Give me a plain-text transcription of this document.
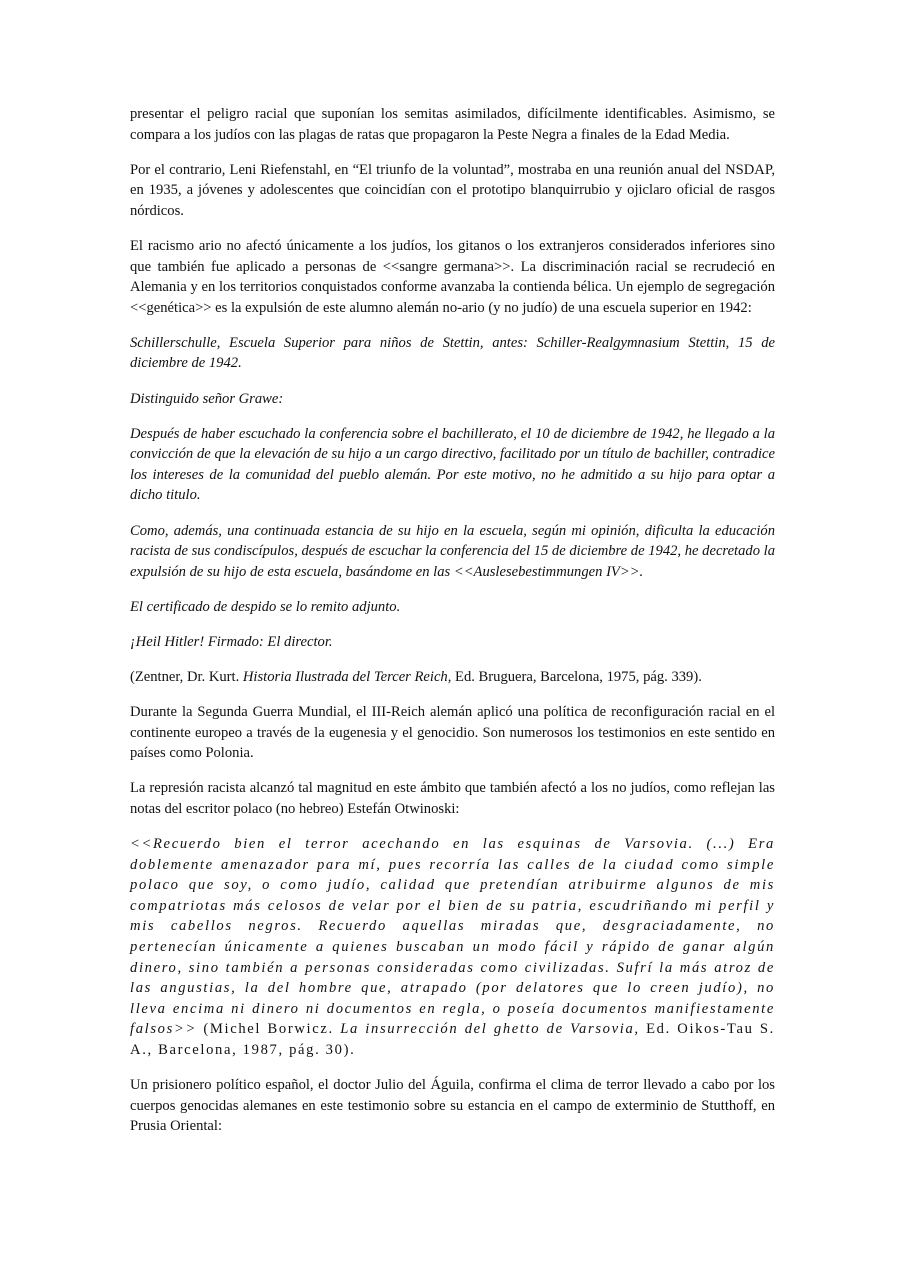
presentar el peligro racial que suponían los semitas asimilados, difícilmente identificables. Asimismo, se compara a los judíos con las plagas de ratas que propagaron la Peste Negra a finales de la Edad Media.

Por el contrario, Leni Riefenstahl, en “El triunfo de la voluntad”, mostraba en una reunión anual del NSDAP, en 1935, a jóvenes y adolescentes que coincidían con el prototipo blanquirrubio y ojiclaro oficial de rasgos nórdicos.

El racismo ario no afectó únicamente a los judíos, los gitanos o los extranjeros considerados inferiores sino que también fue aplicado a personas de <<sangre germana>>. La discriminación racial se recrudeció en Alemania y en los territorios conquistados conforme avanzaba la contienda bélica. Un ejemplo de segregación <<genética>> es la expulsión de este alumno alemán no-ario (y no judío) de una escuela superior en 1942:

Schillerschulle, Escuela Superior para niños de Stettin, antes: Schiller-Realgymnasium Stettin, 15 de diciembre de 1942.

Distinguido señor Grawe:

Después de haber escuchado la conferencia sobre el bachillerato, el 10 de diciembre de 1942, he llegado a la convicción de que la elevación de su hijo a un cargo directivo, facilitado por un título de bachiller, contradice los intereses de la comunidad del pueblo alemán. Por este motivo, no he admitido a su hijo para optar a dicho titulo.

Como, además, una continuada estancia de su hijo en la escuela, según mi opinión, dificulta la educación racista de sus condiscípulos, después de escuchar la conferencia del 15 de diciembre de 1942, he decretado la expulsión de su hijo de esta escuela, basándome en las <<Auslesebestimmungen IV>>.

El certificado de despido se lo remito adjunto.

¡Heil Hitler! Firmado: El director.

(Zentner, Dr. Kurt. Historia Ilustrada del Tercer Reich, Ed. Bruguera, Barcelona, 1975, pág. 339).

Durante la Segunda Guerra Mundial, el III-Reich alemán aplicó una política de reconfiguración racial en el continente europeo a través de la eugenesia y el genocidio. Son numerosos los testimonios en este sentido en países como Polonia.

La represión racista alcanzó tal magnitud en este ámbito que también afectó a los no judíos, como reflejan las notas del escritor polaco (no hebreo) Estefán Otwinoski:

<<Recuerdo bien el terror acechando en las esquinas de Varsovia. (...) Era doblemente amenazador para mí, pues recorría las calles de la ciudad como simple polaco que soy, o como judío, calidad que pretendían atribuirme algunos de mis compatriotas más celosos de velar por el bien de su patria, escudriñando mi perfil y mis cabellos negros. Recuerdo aquellas miradas que, desgraciadamente, no pertenecían únicamente a quienes buscaban un modo fácil y rápido de ganar algún dinero, sino también a personas consideradas como civilizadas. Sufrí la más atroz de las angustias, la del hombre que, atrapado (por delatores que lo creen judío), no lleva encima ni dinero ni documentos en regla, o poseía documentos manifiestamente falsos>> (Michel Borwicz. La insurrección del ghetto de Varsovia, Ed. Oikos-Tau S. A., Barcelona, 1987, pág. 30).

Un prisionero político español, el doctor Julio del Águila, confirma el clima de terror llevado a cabo por los cuerpos genocidas alemanes en este testimonio sobre su estancia en el campo de exterminio de Stutthoff, en Prusia Oriental:
